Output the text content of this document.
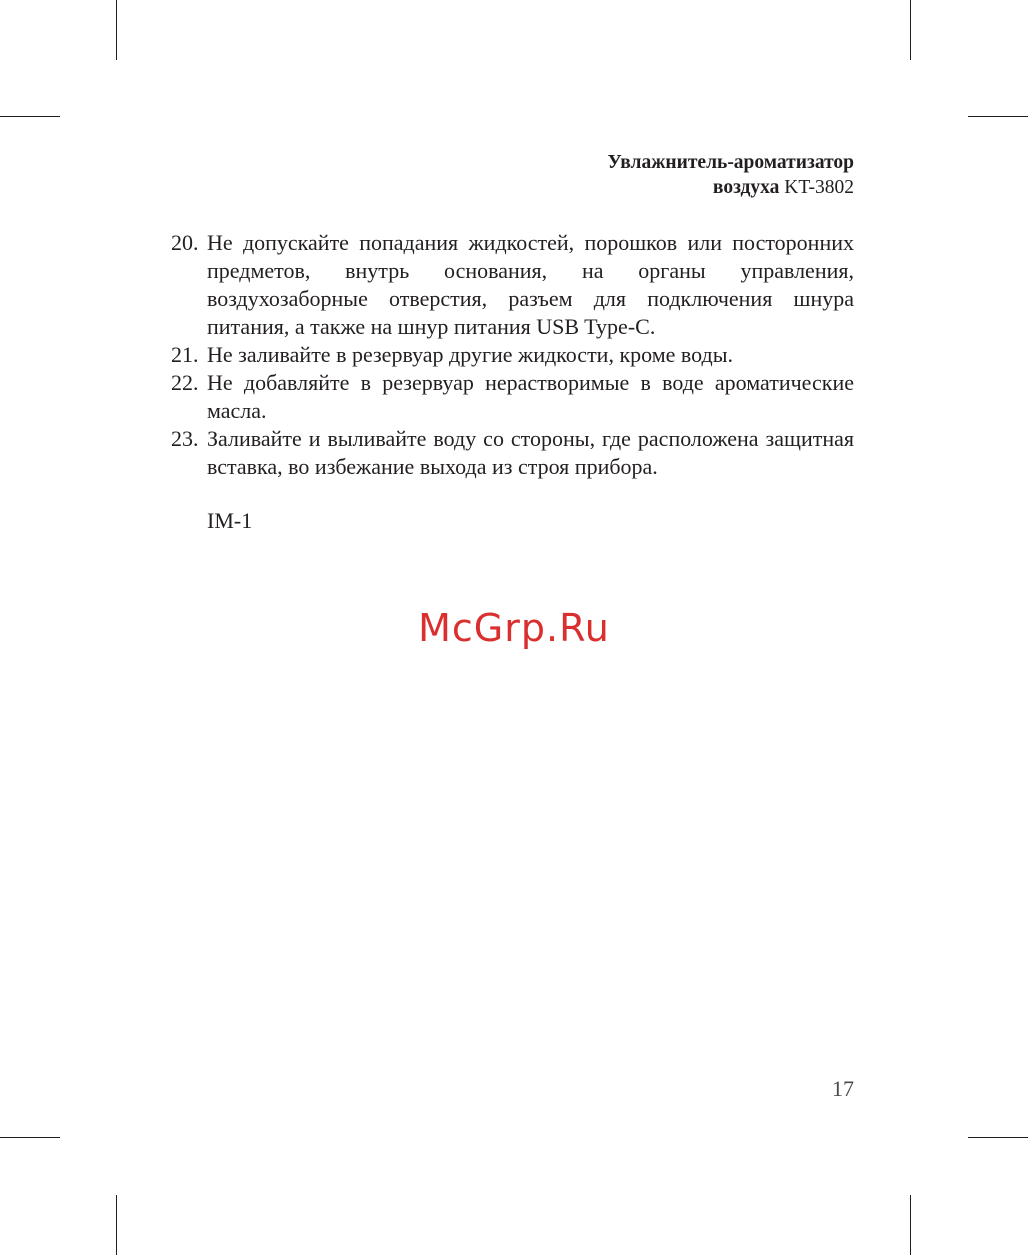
Увлажнитель-ароматизатор
воздуха KT-3802
20. Не допускайте попадания жидкостей, порошков или посторонних предметов, внутрь основания, на органы управления, воздухозаборные отверстия, разъем для подключения шнура питания, а также на шнур питания USB Type-C.
21. Не заливайте в резервуар другие жидкости, кроме воды.
22. Не добавляйте в резервуар нерастворимые в воде ароматические масла.
23. Заливайте и выливайте воду со стороны, где расположена защитная вставка, во избежание выхода из строя прибора.
IM-1
McGrp.Ru
17
